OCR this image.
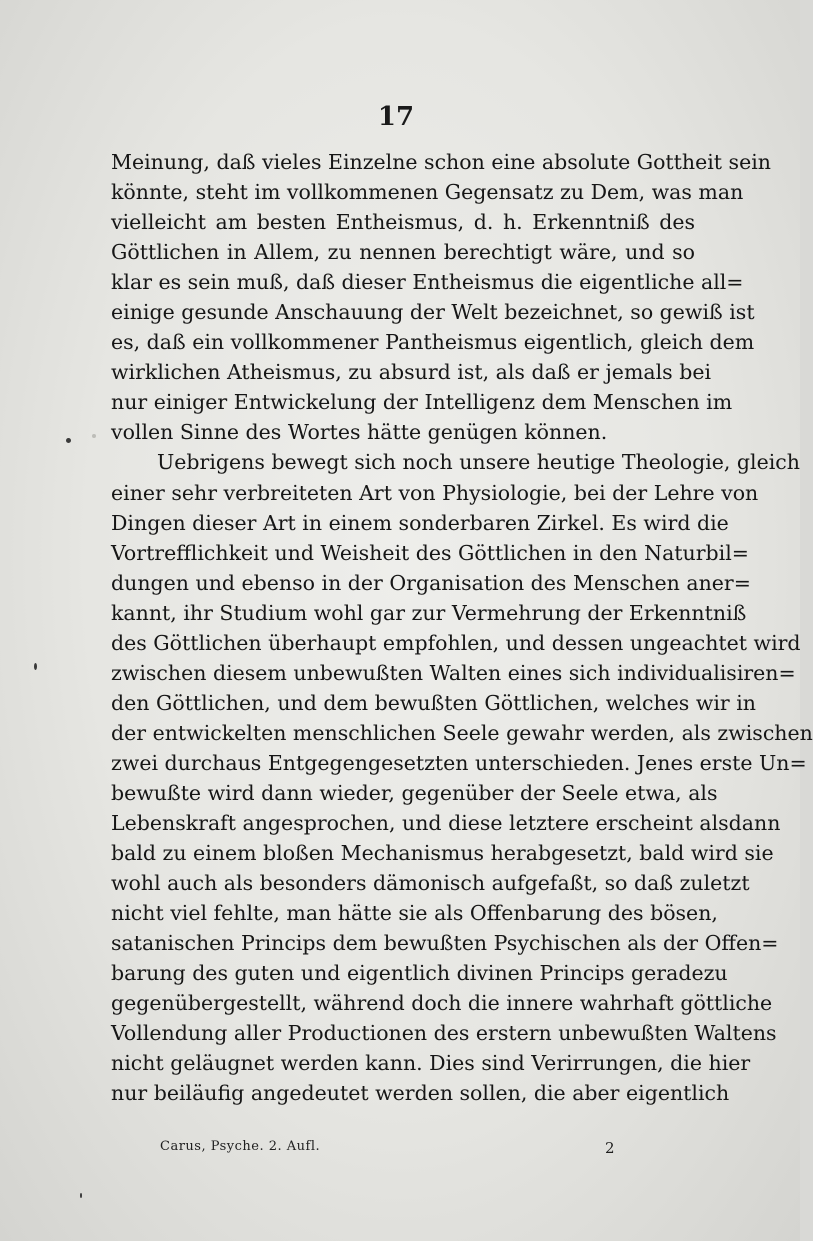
17
Meinung, daß vieles Einzelne schon eine absolute Gottheit sein
könnte, steht im vollkommenen Gegensatz zu Dem, was man
vielleicht am besten Entheismus, d. h. Erkenntniß des
Göttlichen in Allem, zu nennen berechtigt wäre, und so
klar es sein muß, daß dieser Entheismus die eigentliche all=
einige gesunde Anschauung der Welt bezeichnet, so gewiß ist
es, daß ein vollkommener Pantheismus eigentlich, gleich dem
wirklichen Atheismus, zu absurd ist, als daß er jemals bei
nur einiger Entwickelung der Intelligenz dem Menschen im
vollen Sinne des Wortes hätte genügen können.
Uebrigens bewegt sich noch unsere heutige Theologie, gleich
einer sehr verbreiteten Art von Physiologie, bei der Lehre von
Dingen dieser Art in einem sonderbaren Zirkel. Es wird die
Vortrefflichkeit und Weisheit des Göttlichen in den Naturbil=
dungen und ebenso in der Organisation des Menschen aner=
kannt, ihr Studium wohl gar zur Vermehrung der Erkenntniß
des Göttlichen überhaupt empfohlen, und dessen ungeachtet wird
zwischen diesem unbewußten Walten eines sich individualisiren=
den Göttlichen, und dem bewußten Göttlichen, welches wir in
der entwickelten menschlichen Seele gewahr werden, als zwischen
zwei durchaus Entgegengesetzten unterschieden. Jenes erste Un=
bewußte wird dann wieder, gegenüber der Seele etwa, als
Lebenskraft angesprochen, und diese letztere erscheint alsdann
bald zu einem bloßen Mechanismus herabgesetzt, bald wird sie
wohl auch als besonders dämonisch aufgefaßt, so daß zuletzt
nicht viel fehlte, man hätte sie als Offenbarung des bösen,
satanischen Princips dem bewußten Psychischen als der Offen=
barung des guten und eigentlich divinen Princips geradezu
gegenübergestellt, während doch die innere wahrhaft göttliche
Vollendung aller Productionen des erstern unbewußten Waltens
nicht geläugnet werden kann. Dies sind Verirrungen, die hier
nur beiläufig angedeutet werden sollen, die aber eigentlich
Carus, Psyche. 2. Aufl.	2
